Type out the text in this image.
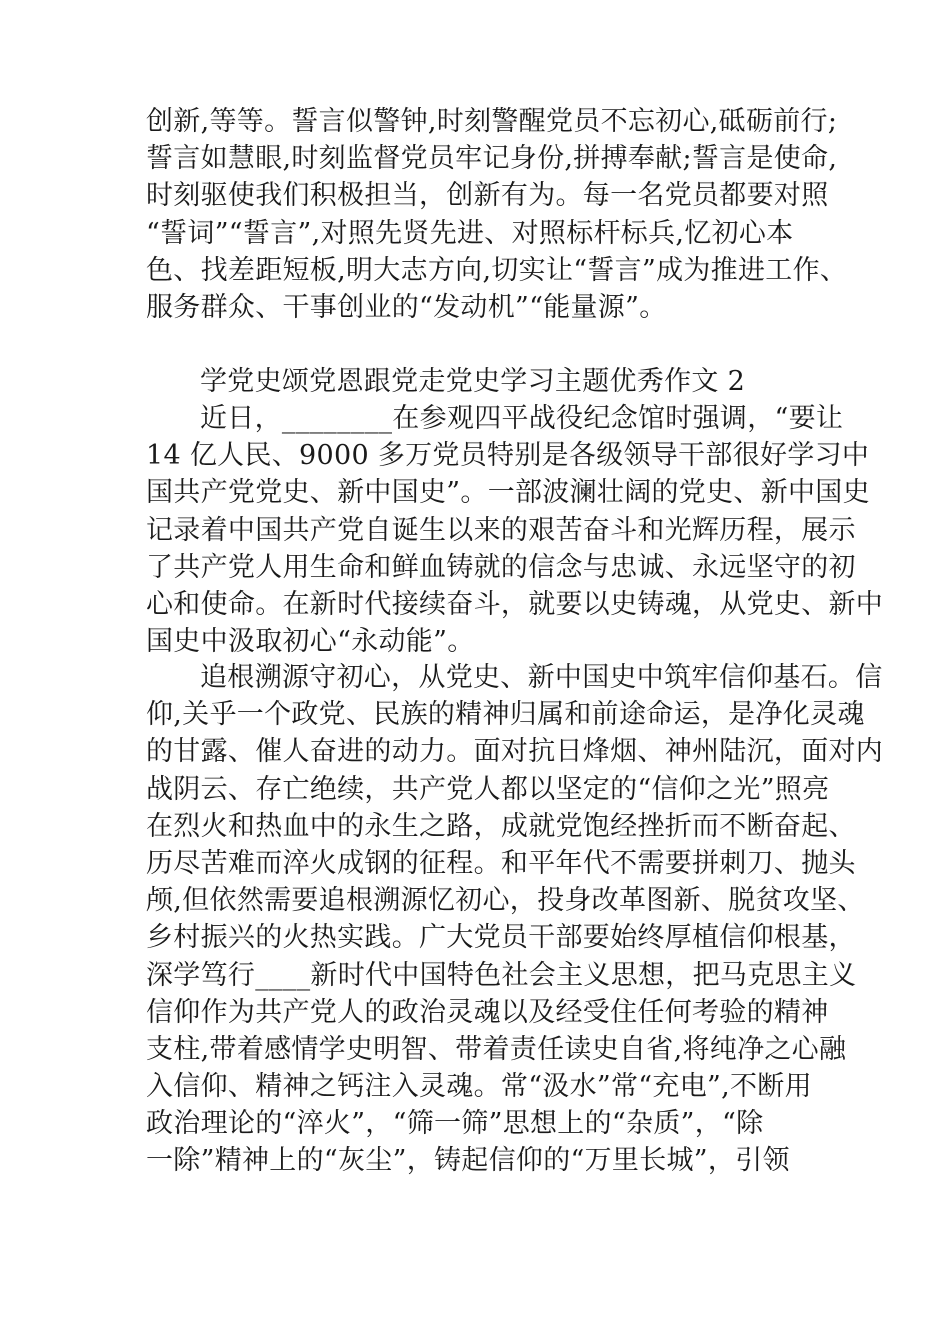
创新,等等。誓言似警钟,时刻警醒党员不忘初心,砥砺前行;
誓言如慧眼,时刻监督党员牢记身份,拼搏奉献;誓言是使命,
时刻驱使我们积极担当，创新有为。每一名党员都要对照
“誓词”“誓言”,对照先贤先进、对照标杆标兵,忆初心本
色、找差距短板,明大志方向,切实让“誓言”成为推进工作、
服务群众、干事创业的“发动机”“能量源”。
学党史颂党恩跟党走党史学习主题优秀作文 2
近日，________在参观四平战役纪念馆时强调，“要让
14 亿人民、9000 多万党员特别是各级领导干部很好学习中
国共产党党史、新中国史”。一部波澜壮阔的党史、新中国史
记录着中国共产党自诞生以来的艰苦奋斗和光辉历程，展示
了共产党人用生命和鲜血铸就的信念与忠诚、永远坚守的初
心和使命。在新时代接续奋斗，就要以史铸魂，从党史、新中
国史中汲取初心“永动能”。
追根溯源守初心，从党史、新中国史中筑牢信仰基石。信
仰,关乎一个政党、民族的精神归属和前途命运，是净化灵魂
的甘露、催人奋进的动力。面对抗日烽烟、神州陆沉，面对内
战阴云、存亡绝续，共产党人都以坚定的“信仰之光”照亮
在烈火和热血中的永生之路，成就党饱经挫折而不断奋起、
历尽苦难而淬火成钢的征程。和平年代不需要拼刺刀、抛头
颅,但依然需要追根溯源忆初心，投身改革图新、脱贫攻坚、
乡村振兴的火热实践。广大党员干部要始终厚植信仰根基，
深学笃行____新时代中国特色社会主义思想，把马克思主义
信仰作为共产党人的政治灵魂以及经受住任何考验的精神
支柱,带着感情学史明智、带着责任读史自省,将纯净之心融
入信仰、精神之钙注入灵魂。常“汲水”常“充电”,不断用
政治理论的“淬火”，“筛一筛”思想上的“杂质”，“除
一除”精神上的“灰尘”，铸起信仰的“万里长城”，引领
